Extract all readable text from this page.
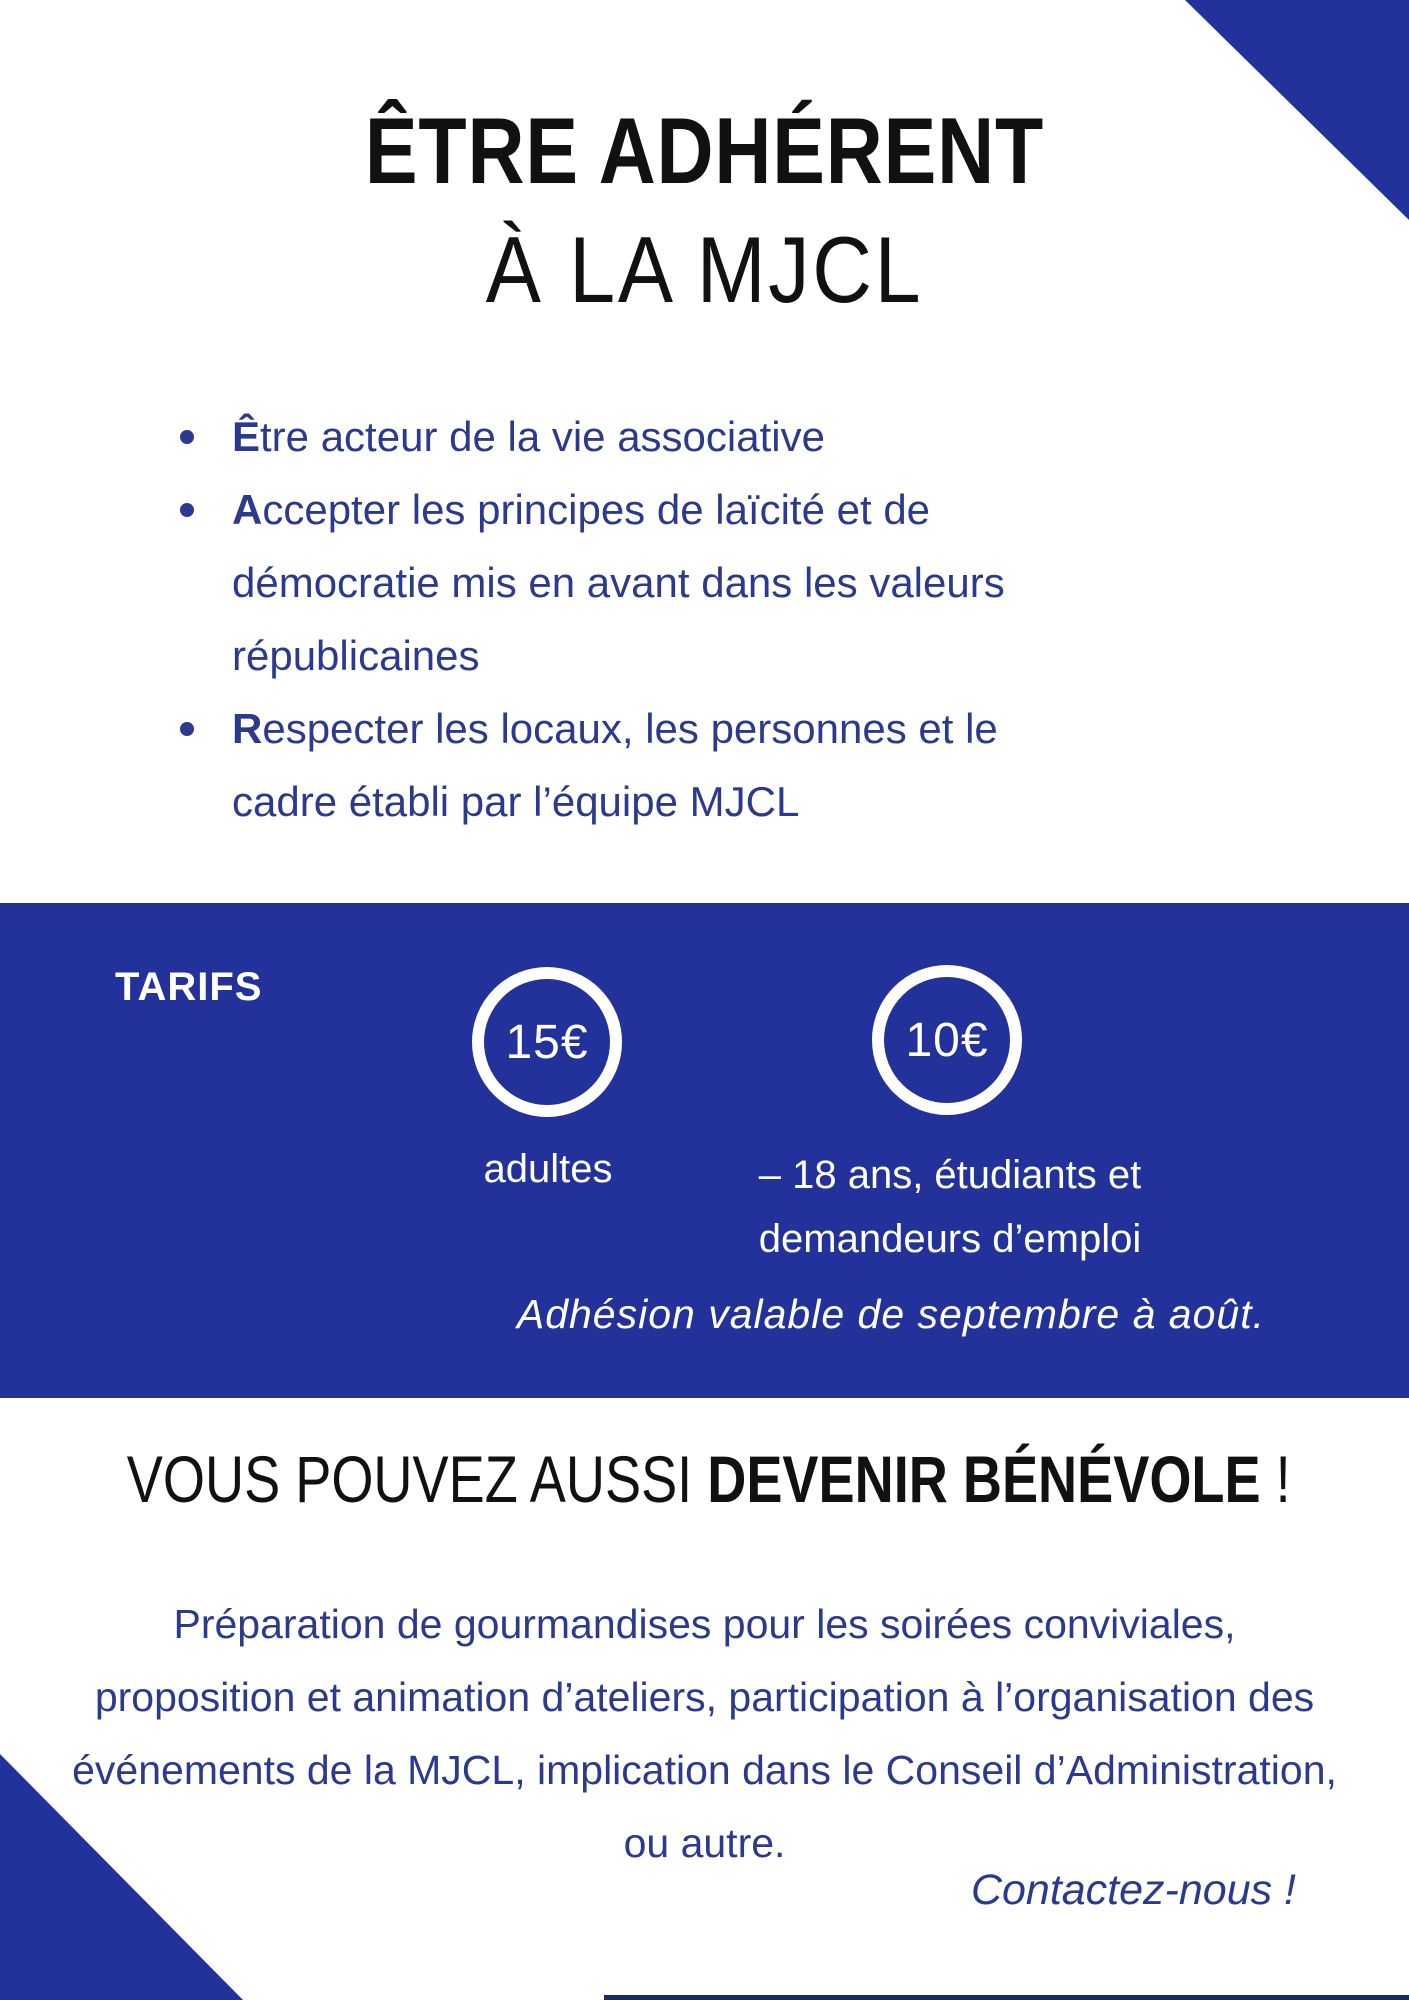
ÊTRE ADHÉRENT
À LA MJCL
Être acteur de la vie associative
Accepter les principes de laïcité et de démocratie mis en avant dans les valeurs républicaines
Respecter les locaux, les personnes et le cadre établi par l’équipe MJCL
TARIFS
15€
adultes
10€
– 18 ans, étudiants et demandeurs d’emploi
Adhésion valable de septembre à août.
VOUS POUVEZ AUSSI DEVENIR BÉNÉVOLE !

Préparation de gourmandises pour les soirées conviviales, proposition et animation d’ateliers, participation à l’organisation des événements de la MJCL, implication dans le Conseil d’Administration, ou autre.

Contactez-nous !
